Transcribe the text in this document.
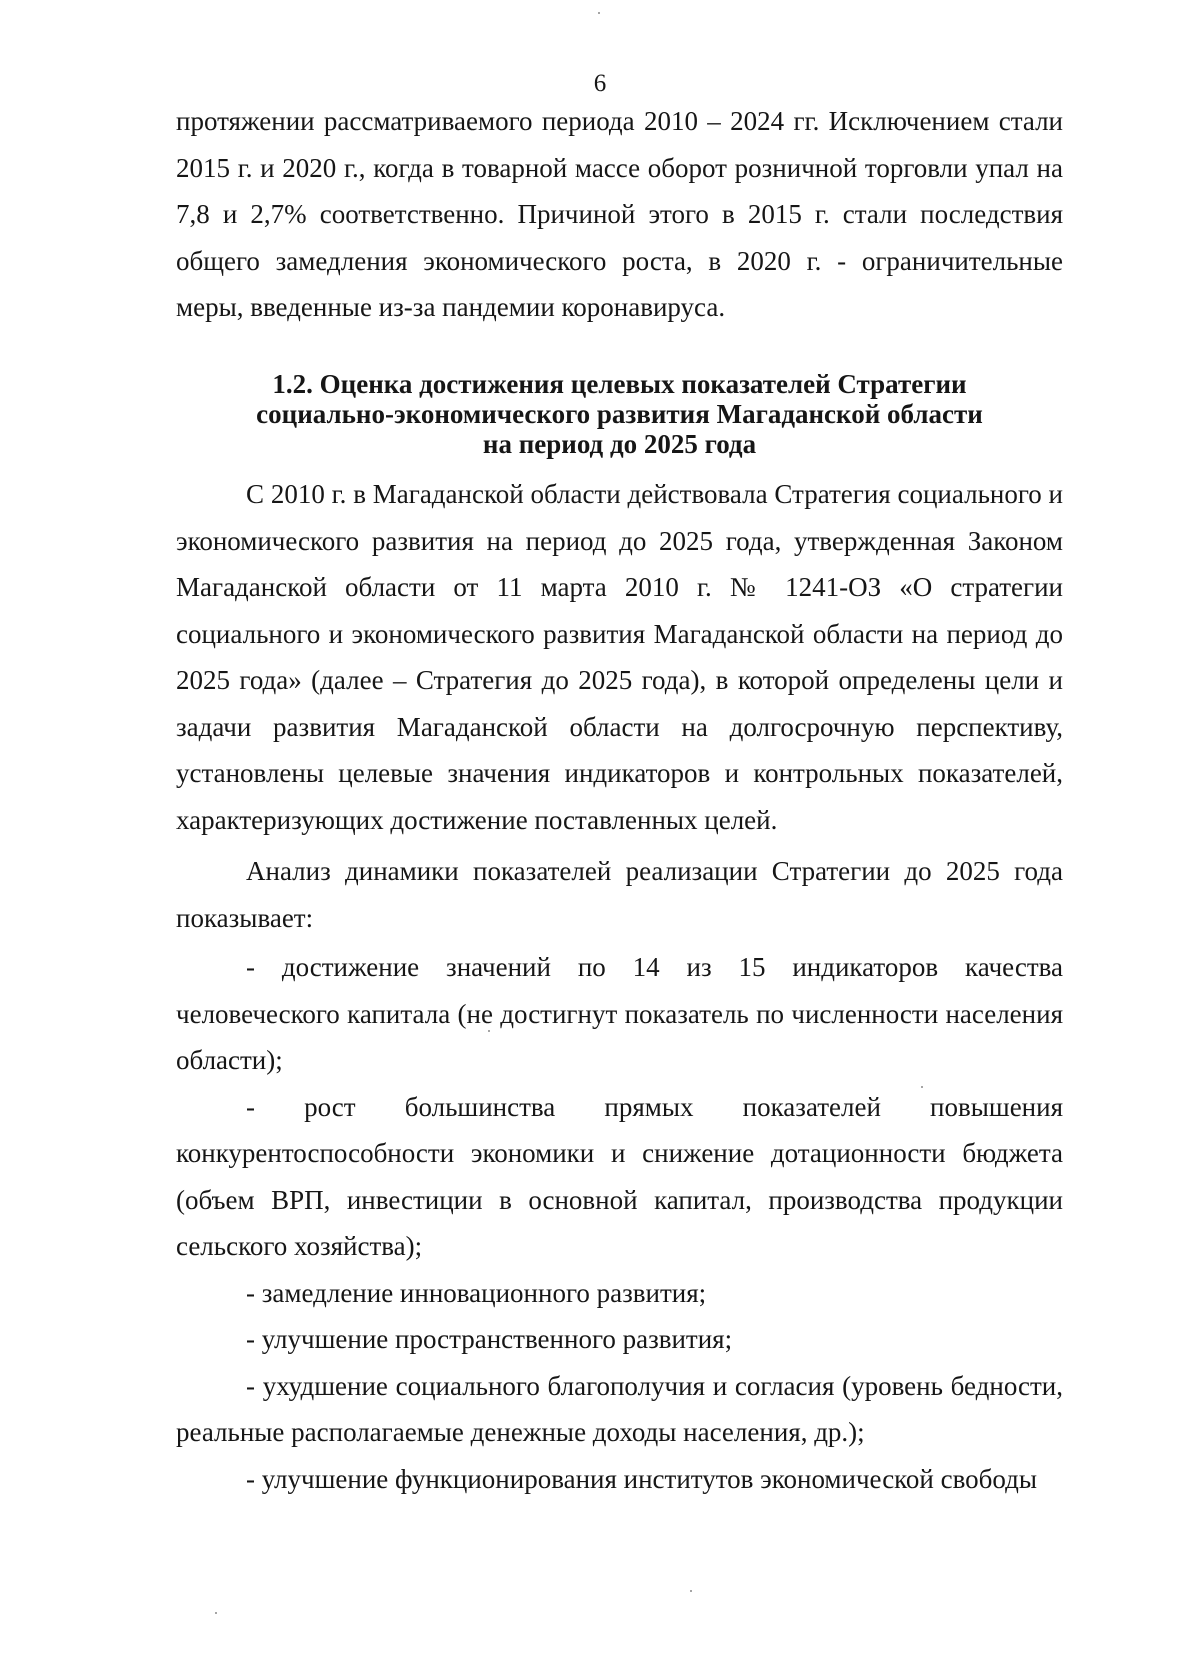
6

протяжении рассматриваемого периода 2010 – 2024 гг. Исключением стали 2015 г. и 2020 г., когда в товарной массе оборот розничной торговли упал на 7,8 и 2,7% соответственно. Причиной этого в 2015 г. стали последствия общего замедления экономического роста, в 2020 г. - ограничительные меры, введенные из-за пандемии коронавируса.

1.2. Оценка достижения целевых показателей Стратегии
социально-экономического развития Магаданской области
на период до 2025 года

С 2010 г. в Магаданской области действовала Стратегия социального и экономического развития на период до 2025 года, утвержденная Законом Магаданской области от 11 марта 2010 г. № 1241-ОЗ «О стратегии социального и экономического развития Магаданской области на период до 2025 года» (далее – Стратегия до 2025 года), в которой определены цели и задачи развития Магаданской области на долгосрочную перспективу, установлены целевые значения индикаторов и контрольных показателей, характеризующих достижение поставленных целей.

Анализ динамики показателей реализации Стратегии до 2025 года показывает:

- достижение значений по 14 из 15 индикаторов качества человеческого капитала (не достигнут показатель по численности населения области);

- рост большинства прямых показателей повышения конкурентоспособности экономики и снижение дотационности бюджета (объем ВРП, инвестиции в основной капитал, производства продукции сельского хозяйства);

- замедление инновационного развития;

- улучшение пространственного развития;

- ухудшение социального благополучия и согласия (уровень бедности, реальные располагаемые денежные доходы населения, др.);

- улучшение функционирования институтов экономической свободы
